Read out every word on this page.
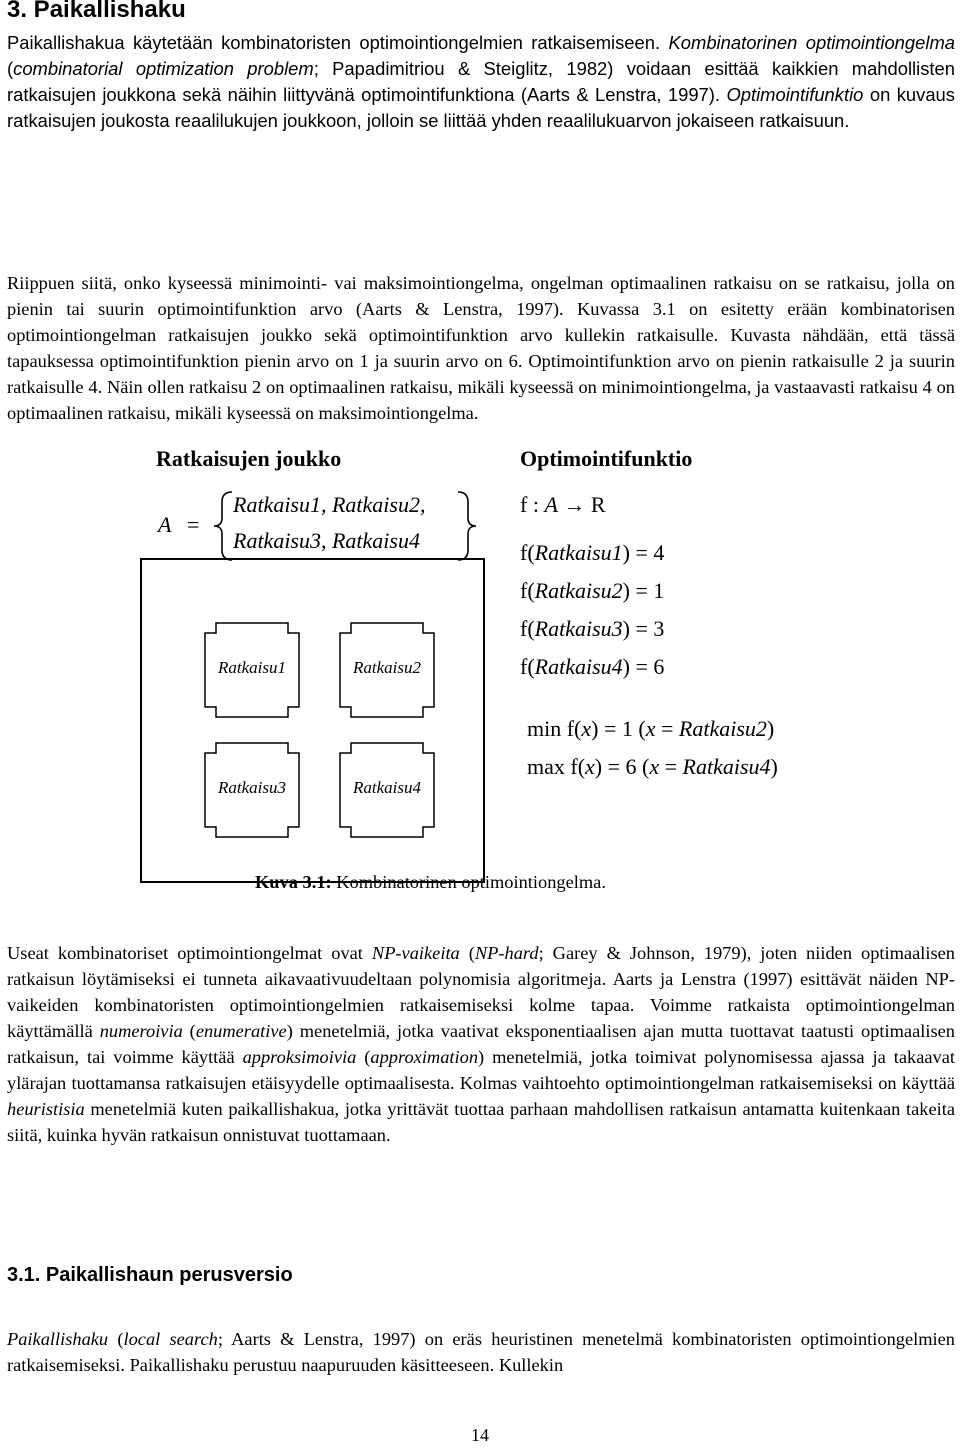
3. Paikallishaku

Paikallishakua käytetään kombinatoristen optimointiongelmien ratkaisemiseen. Kombinatorinen optimointiongelma (combinatorial optimization problem; Papadimitriou & Steiglitz, 1982) voidaan esittää kaikkien mahdollisten ratkaisujen joukkona sekä näihin liittyvänä optimointifunktiona (Aarts & Lenstra, 1997). Optimointifunktio on kuvaus ratkaisujen joukosta reaalilukujen joukkoon, jolloin se liittää yhden reaalilukuarvon jokaiseen ratkaisuun.

Riippuen siitä, onko kyseessä minimointi- vai maksimointiongelma, ongelman optimaalinen ratkaisu on se ratkaisu, jolla on pienin tai suurin optimointifunktion arvo (Aarts & Lenstra, 1997). Kuvassa 3.1 on esitetty erään kombinatorisen optimointiongelman ratkaisujen joukko sekä optimointifunktion arvo kullekin ratkaisulle. Kuvasta nähdään, että tässä tapauksessa optimointifunktion pienin arvo on 1 ja suurin arvo on 6. Optimointifunktion arvo on pienin ratkaisulle 2 ja suurin ratkaisulle 4. Näin ollen ratkaisu 2 on optimaalinen ratkaisu, mikäli kyseessä on minimointiongelma, ja vastaavasti ratkaisu 4 on optimaalinen ratkaisu, mikäli kyseessä on maksimointiongelma.

Ratkaisujen joukko	Optimointifunktio
A =
Ratkaisu1, Ratkaisu2,
Ratkaisu3, Ratkaisu4
Ratkaisu1	Ratkaisu2
Ratkaisu3	Ratkaisu4
f : A → R
f(Ratkaisu1) = 4
f(Ratkaisu2) = 1
f(Ratkaisu3) = 3
f(Ratkaisu4) = 6
min f(x) = 1 (x = Ratkaisu2)
max f(x) = 6 (x = Ratkaisu4)
Kuva 3.1: Kombinatorinen optimointiongelma.

Useat kombinatoriset optimointiongelmat ovat NP-vaikeita (NP-hard; Garey & Johnson, 1979), joten niiden optimaalisen ratkaisun löytämiseksi ei tunneta aikavaativuudeltaan polynomisia algoritmeja. Aarts ja Lenstra (1997) esittävät näiden NP-vaikeiden kombinatoristen optimointiongelmien ratkaisemiseksi kolme tapaa. Voimme ratkaista optimointiongelman käyttämällä numeroivia (enumerative) menetelmiä, jotka vaativat eksponentiaalisen ajan mutta tuottavat taatusti optimaalisen ratkaisun, tai voimme käyttää approksimoivia (approximation) menetelmiä, jotka toimivat polynomisessa ajassa ja takaavat ylärajan tuottamansa ratkaisujen etäisyydelle optimaalisesta. Kolmas vaihtoehto optimointiongelman ratkaisemiseksi on käyttää heuristisia menetelmiä kuten paikallishakua, jotka yrittävät tuottaa parhaan mahdollisen ratkaisun antamatta kuitenkaan takeita siitä, kuinka hyvän ratkaisun onnistuvat tuottamaan.

3.1. Paikallishaun perusversio

Paikallishaku (local search; Aarts & Lenstra, 1997) on eräs heuristinen menetelmä kombinatoristen optimointiongelmien ratkaisemiseksi. Paikallishaku perustuu naapuruuden käsitteeseen. Kullekin

14
